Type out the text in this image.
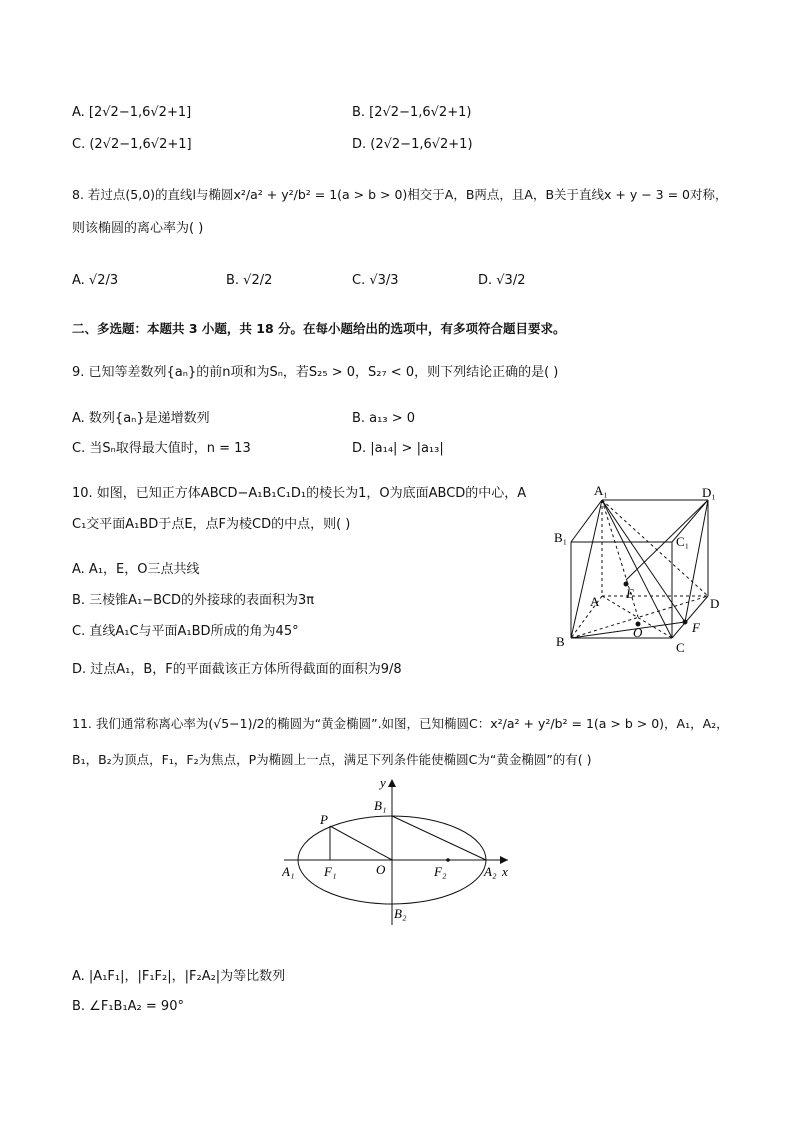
A. [2√2−1,6√2+1]	B. [2√2−1,6√2+1)
C. (2√2−1,6√2+1]	D. (2√2−1,6√2+1)
8. 若过点(5,0)的直线l与椭圆x²/a² + y²/b² = 1(a > b > 0)相交于A，B两点，且A，B关于直线x + y − 3 = 0对称，
则该椭圆的离心率为( )
A. √2/3	B. √2/2	C. √3/3	D. √3/2
二、多选题：本题共 3 小题，共 18 分。在每小题给出的选项中，有多项符合题目要求。
9. 已知等差数列{aₙ}的前n项和为Sₙ，若S₂₅ > 0，S₂₇ < 0，则下列结论正确的是( )
A. 数列{aₙ}是递增数列	B. a₁₃ > 0
C. 当Sₙ取得最大值时，n = 13	D. |a₁₄| > |a₁₃|
10. 如图，已知正方体ABCD−A₁B₁C₁D₁的棱长为1，O为底面ABCD的中心，A
C₁交平面A₁BD于点E，点F为棱CD的中点，则( )
A. A₁，E，O三点共线
B. 三棱锥A₁−BCD的外接球的表面积为3π
C. 直线A₁C与平面A₁BD所成的角为45°
D. 过点A₁，B，F的平面截该正方体所得截面的面积为9/8
A₁	D₁
B₁	C₁
A	D
B	C
E
O	F
11. 我们通常称离心率为(√5−1)/2的椭圆为“黄金椭圆”.如图，已知椭圆C：x²/a² + y²/b² = 1(a > b > 0)，A₁，A₂，
B₁，B₂为顶点，F₁，F₂为焦点，P为椭圆上一点，满足下列条件能使椭圆C为“黄金椭圆”的有( )
y
x
B₁
B₂
P
A₁ F₁	O	F₂	A₂
A. |A₁F₁|，|F₁F₂|，|F₂A₂|为等比数列
B. ∠F₁B₁A₂ = 90°
